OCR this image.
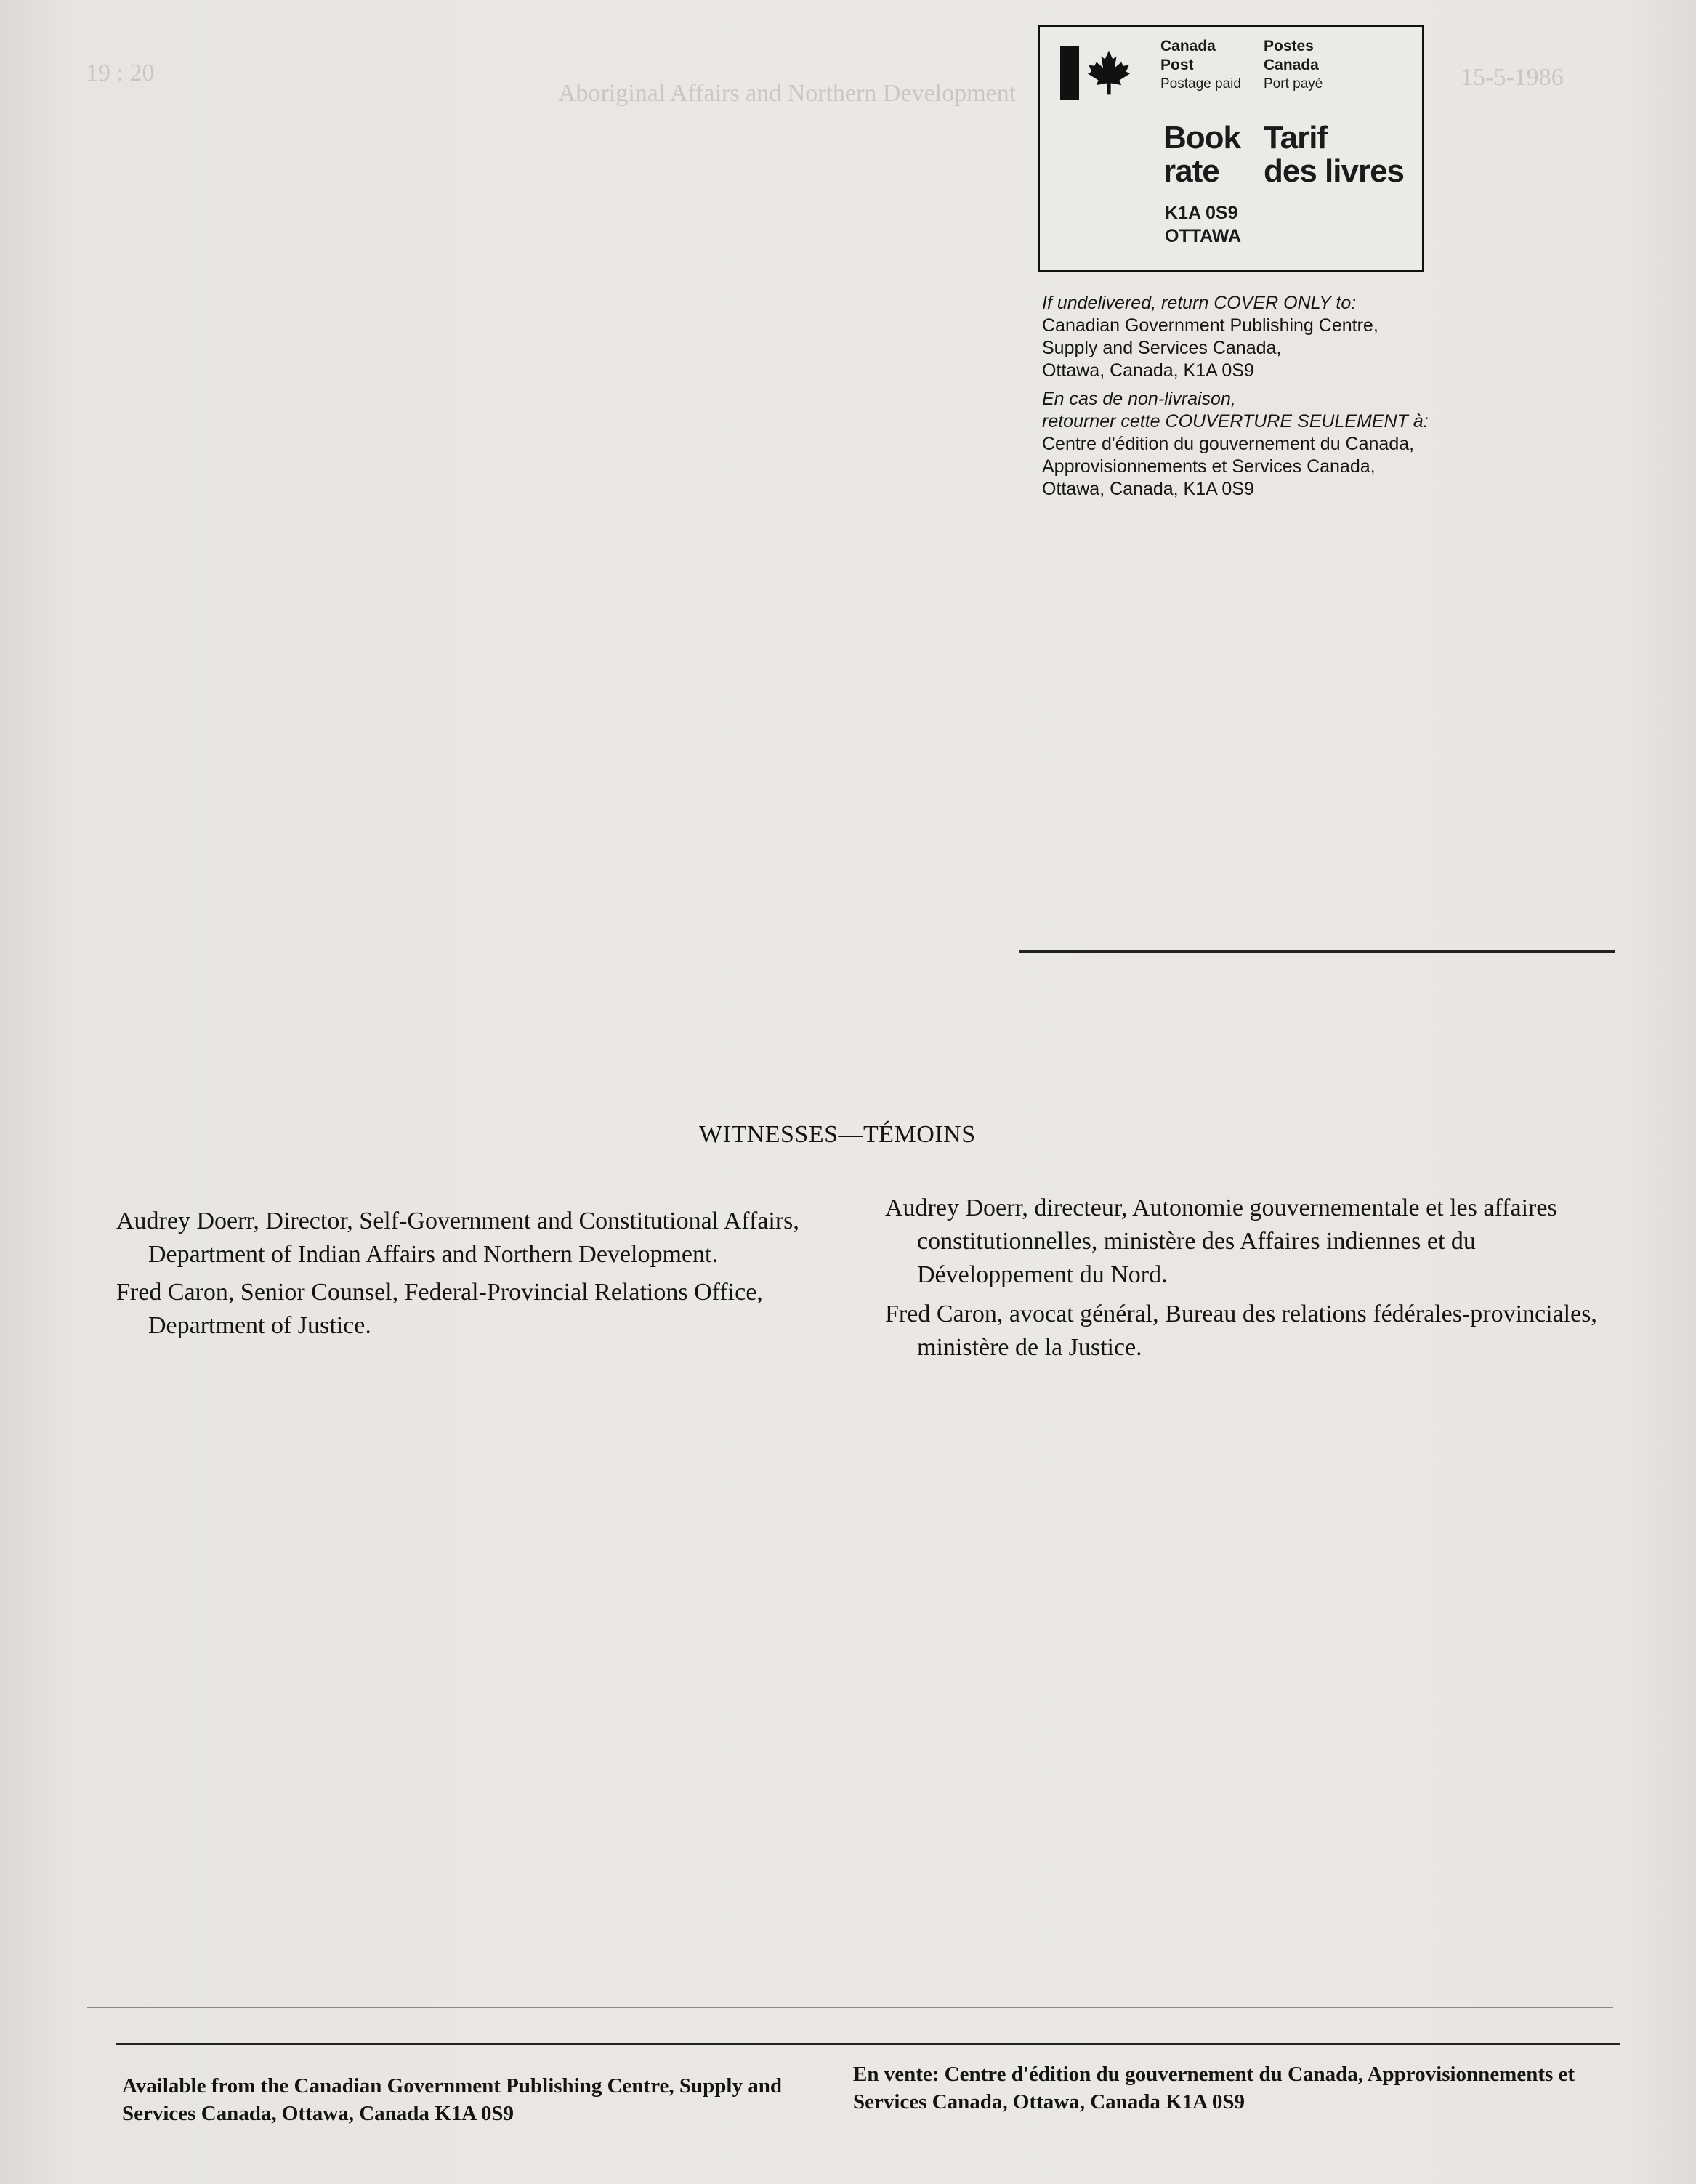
19 : 20
Aboriginal Affairs and Northern Development
15-5-1986
Canada
Post
Postage paid
Postes
Canada
Port payé
Book
rate
Tarif
des livres
K1A 0S9
OTTAWA

If undelivered, return COVER ONLY to:
Canadian Government Publishing Centre,
Supply and Services Canada,
Ottawa, Canada, K1A 0S9

En cas de non-livraison,
retourner cette COUVERTURE SEULEMENT à:
Centre d'édition du gouvernement du Canada,
Approvisionnements et Services Canada,
Ottawa, Canada, K1A 0S9

WITNESSES—TÉMOINS
Audrey Doerr, Director, Self-Government and Constitutional Affairs, Department of Indian Affairs and Northern Development.
Fred Caron, Senior Counsel, Federal-Provincial Relations Office, Department of Justice.
Audrey Doerr, directeur, Autonomie gouvernementale et les affaires constitutionnelles, ministère des Affaires indiennes et du Développement du Nord.
Fred Caron, avocat général, Bureau des relations fédérales-provinciales, ministère de la Justice.
Available from the Canadian Government Publishing Centre, Supply and Services Canada, Ottawa, Canada K1A 0S9
En vente: Centre d'édition du gouvernement du Canada, Approvisionnements et Services Canada, Ottawa, Canada K1A 0S9
